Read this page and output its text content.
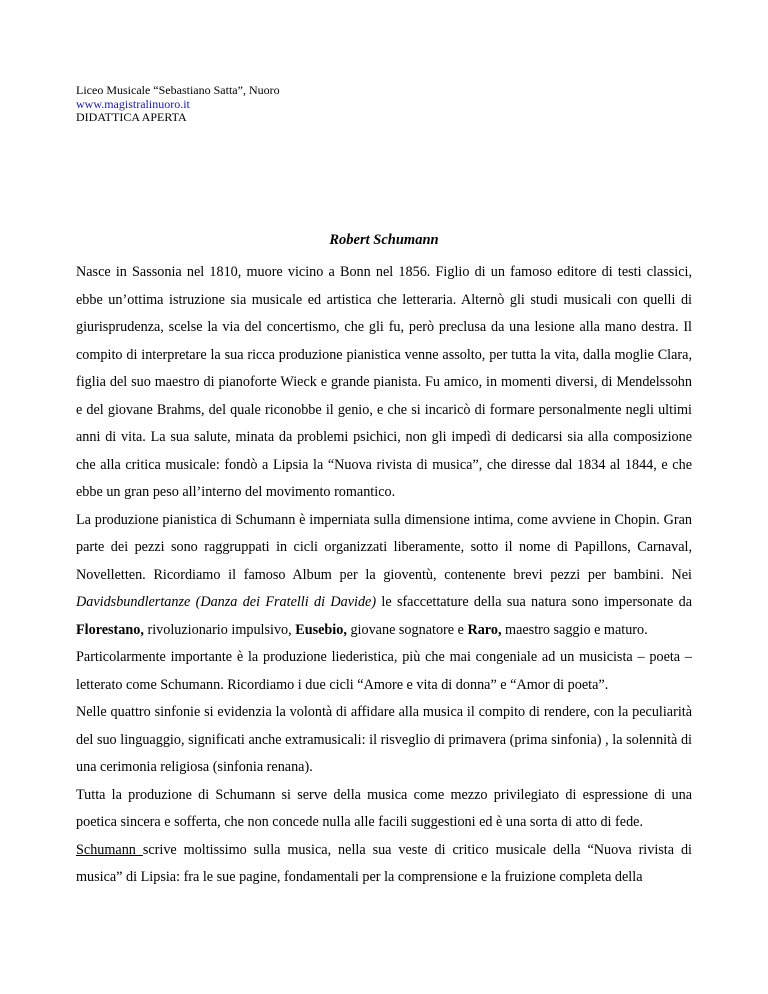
Liceo Musicale “Sebastiano Satta”, Nuoro
www.magistralinuoro.it
DIDATTICA APERTA
Robert Schumann

Nasce in Sassonia nel 1810, muore vicino a Bonn nel 1856. Figlio di un famoso editore di testi classici, ebbe un’ottima istruzione sia musicale ed artistica che letteraria. Alternò gli studi musicali con quelli di giurisprudenza, scelse la via del concertismo, che gli fu, però preclusa da una lesione alla mano destra. Il compito di interpretare la sua ricca produzione pianistica venne assolto, per tutta la vita, dalla moglie Clara, figlia del suo maestro di pianoforte Wieck e grande pianista. Fu amico, in momenti diversi, di Mendelssohn e del giovane Brahms, del quale riconobbe il genio, e che si incaricò di formare personalmente negli ultimi anni di vita. La sua salute, minata da problemi psichici, non gli impedì di dedicarsi sia alla composizione che alla critica musicale: fondò a Lipsia la “Nuova rivista di musica”, che diresse dal 1834 al 1844, e che ebbe un gran peso all’interno del movimento romantico.

La produzione pianistica di Schumann è imperniata sulla dimensione intima, come avviene in Chopin. Gran parte dei pezzi sono raggruppati in cicli organizzati liberamente, sotto il nome di Papillons, Carnaval, Novelletten. Ricordiamo il famoso Album per la gioventù, contenente brevi pezzi per bambini. Nei Davidsbundlertanze (Danza dei Fratelli di Davide) le sfaccettature della sua natura sono impersonate da Florestano, rivoluzionario impulsivo, Eusebio, giovane sognatore e Raro, maestro saggio e maturo.

Particolarmente importante è la produzione liederistica, più che mai congeniale ad un musicista – poeta – letterato come Schumann. Ricordiamo i due cicli “Amore e vita di donna” e “Amor di poeta”.

Nelle quattro sinfonie si evidenzia la volontà di affidare alla musica il compito di rendere, con la peculiarità del suo linguaggio, significati anche extramusicali: il risveglio di primavera (prima sinfonia) , la solennità di una cerimonia religiosa (sinfonia renana).

Tutta la produzione di Schumann si serve della musica come mezzo privilegiato di espressione di una poetica sincera e sofferta, che non concede nulla alle facili suggestioni ed è una sorta di atto di fede.

Schumann scrive moltissimo sulla musica, nella sua veste di critico musicale della “Nuova rivista di musica” di Lipsia: fra le sue pagine, fondamentali per la comprensione e la fruizione completa della
